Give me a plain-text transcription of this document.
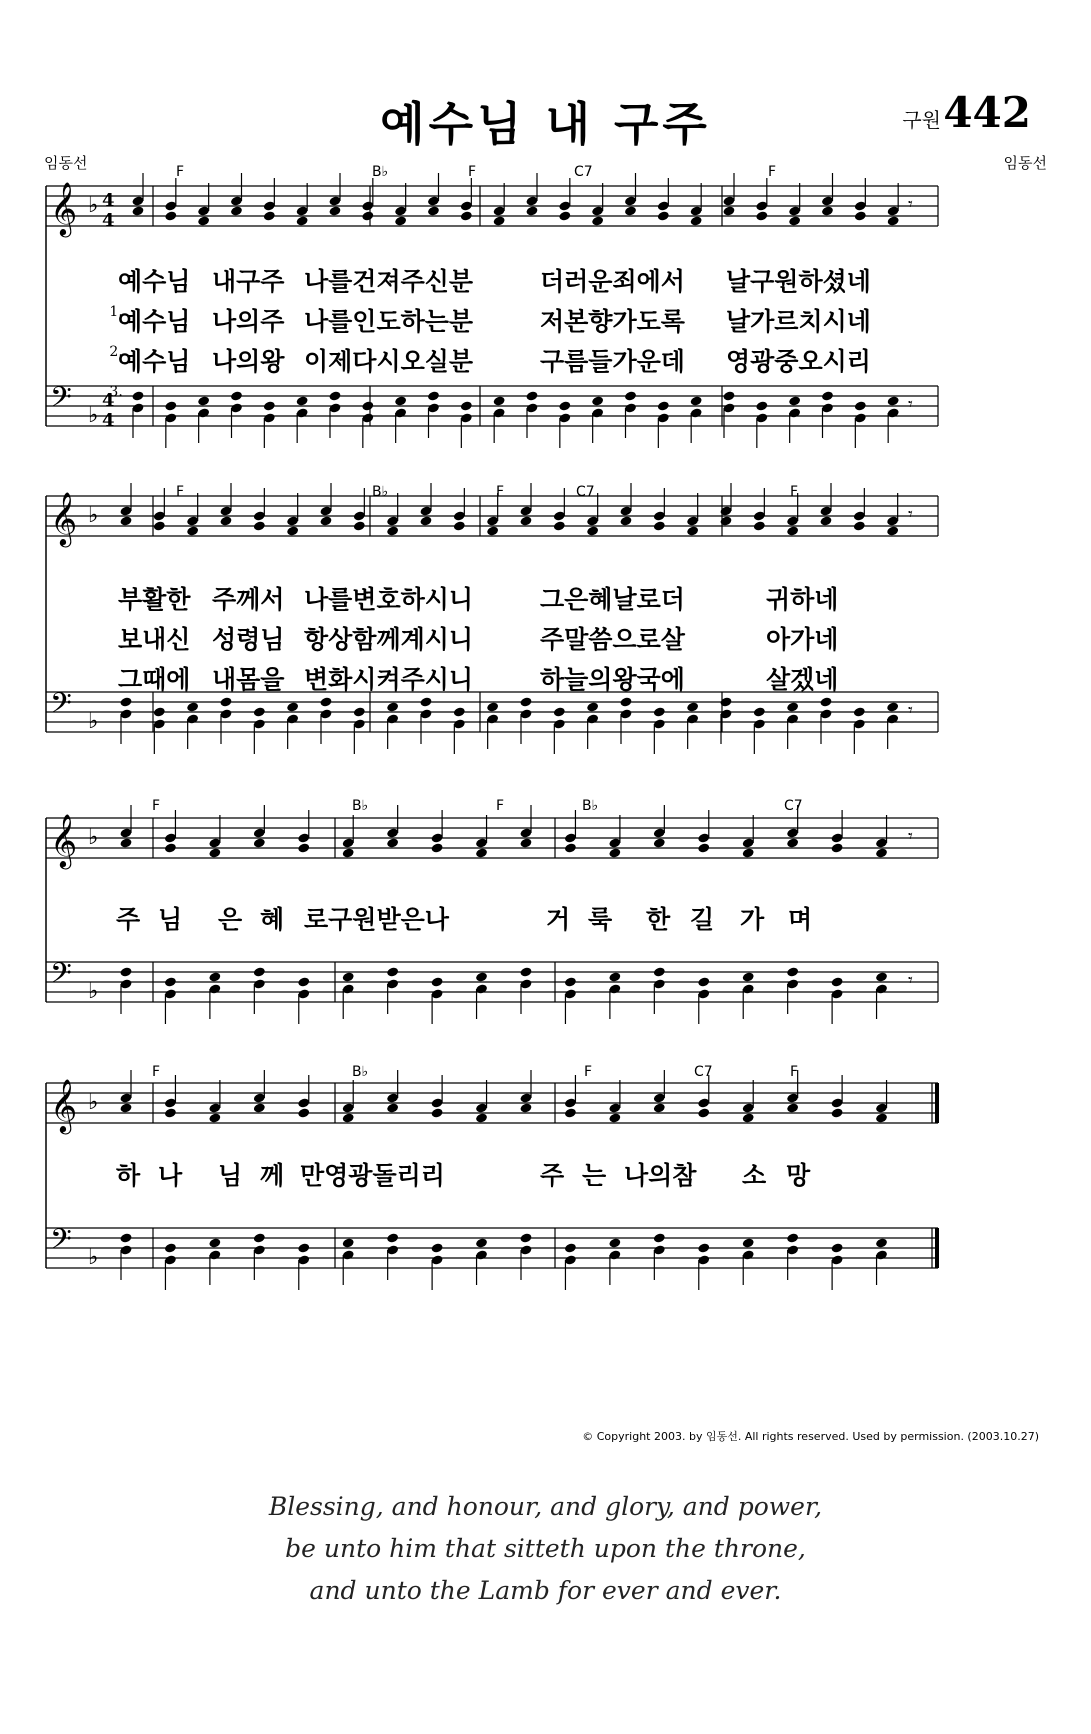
예수님 내 구주	구원 442
임동선	임동선
𝄞
𝄢
♭
♭
4
4
4
4
𝄾
𝄾
𝄞
𝄢
♭
♭
𝄾
𝄾
𝄞
𝄢
♭
♭
𝄾
𝄾
𝄞
𝄢
♭
♭
F	B♭	F	C7	F
F	B♭	F	C7	F
F	B♭	F	B♭	C7
F	B♭	F	C7	F

1.

2.

3.

예수님 내구주 나를건져주신분	더러운죄에서 날구원하셨네
예수님 나의주 나를인도하는분	저본향가도록 날가르치시네
예수님 나의왕 이제다시오실분	구름들가운데 영광중오시리
부활한 주께서 나를변호하시니	그은혜날로더	귀하네
보내신 성령님 항상함께계시니	주말씀으로살	아가네
그때에 내몸을 변화시켜주시니	하늘의왕국에	살겠네
주 님 은 혜 로구원받은나	거 룩 한 길 가 며
하 나 님 께 만영광돌리리	주 는 나의참 소 망
© Copyright 2003. by 임동선. All rights reserved. Used by permission. (2003.10.27)
Blessing, and honour, and glory, and power,
be unto him that sitteth upon the throne,
and unto the Lamb for ever and ever.
